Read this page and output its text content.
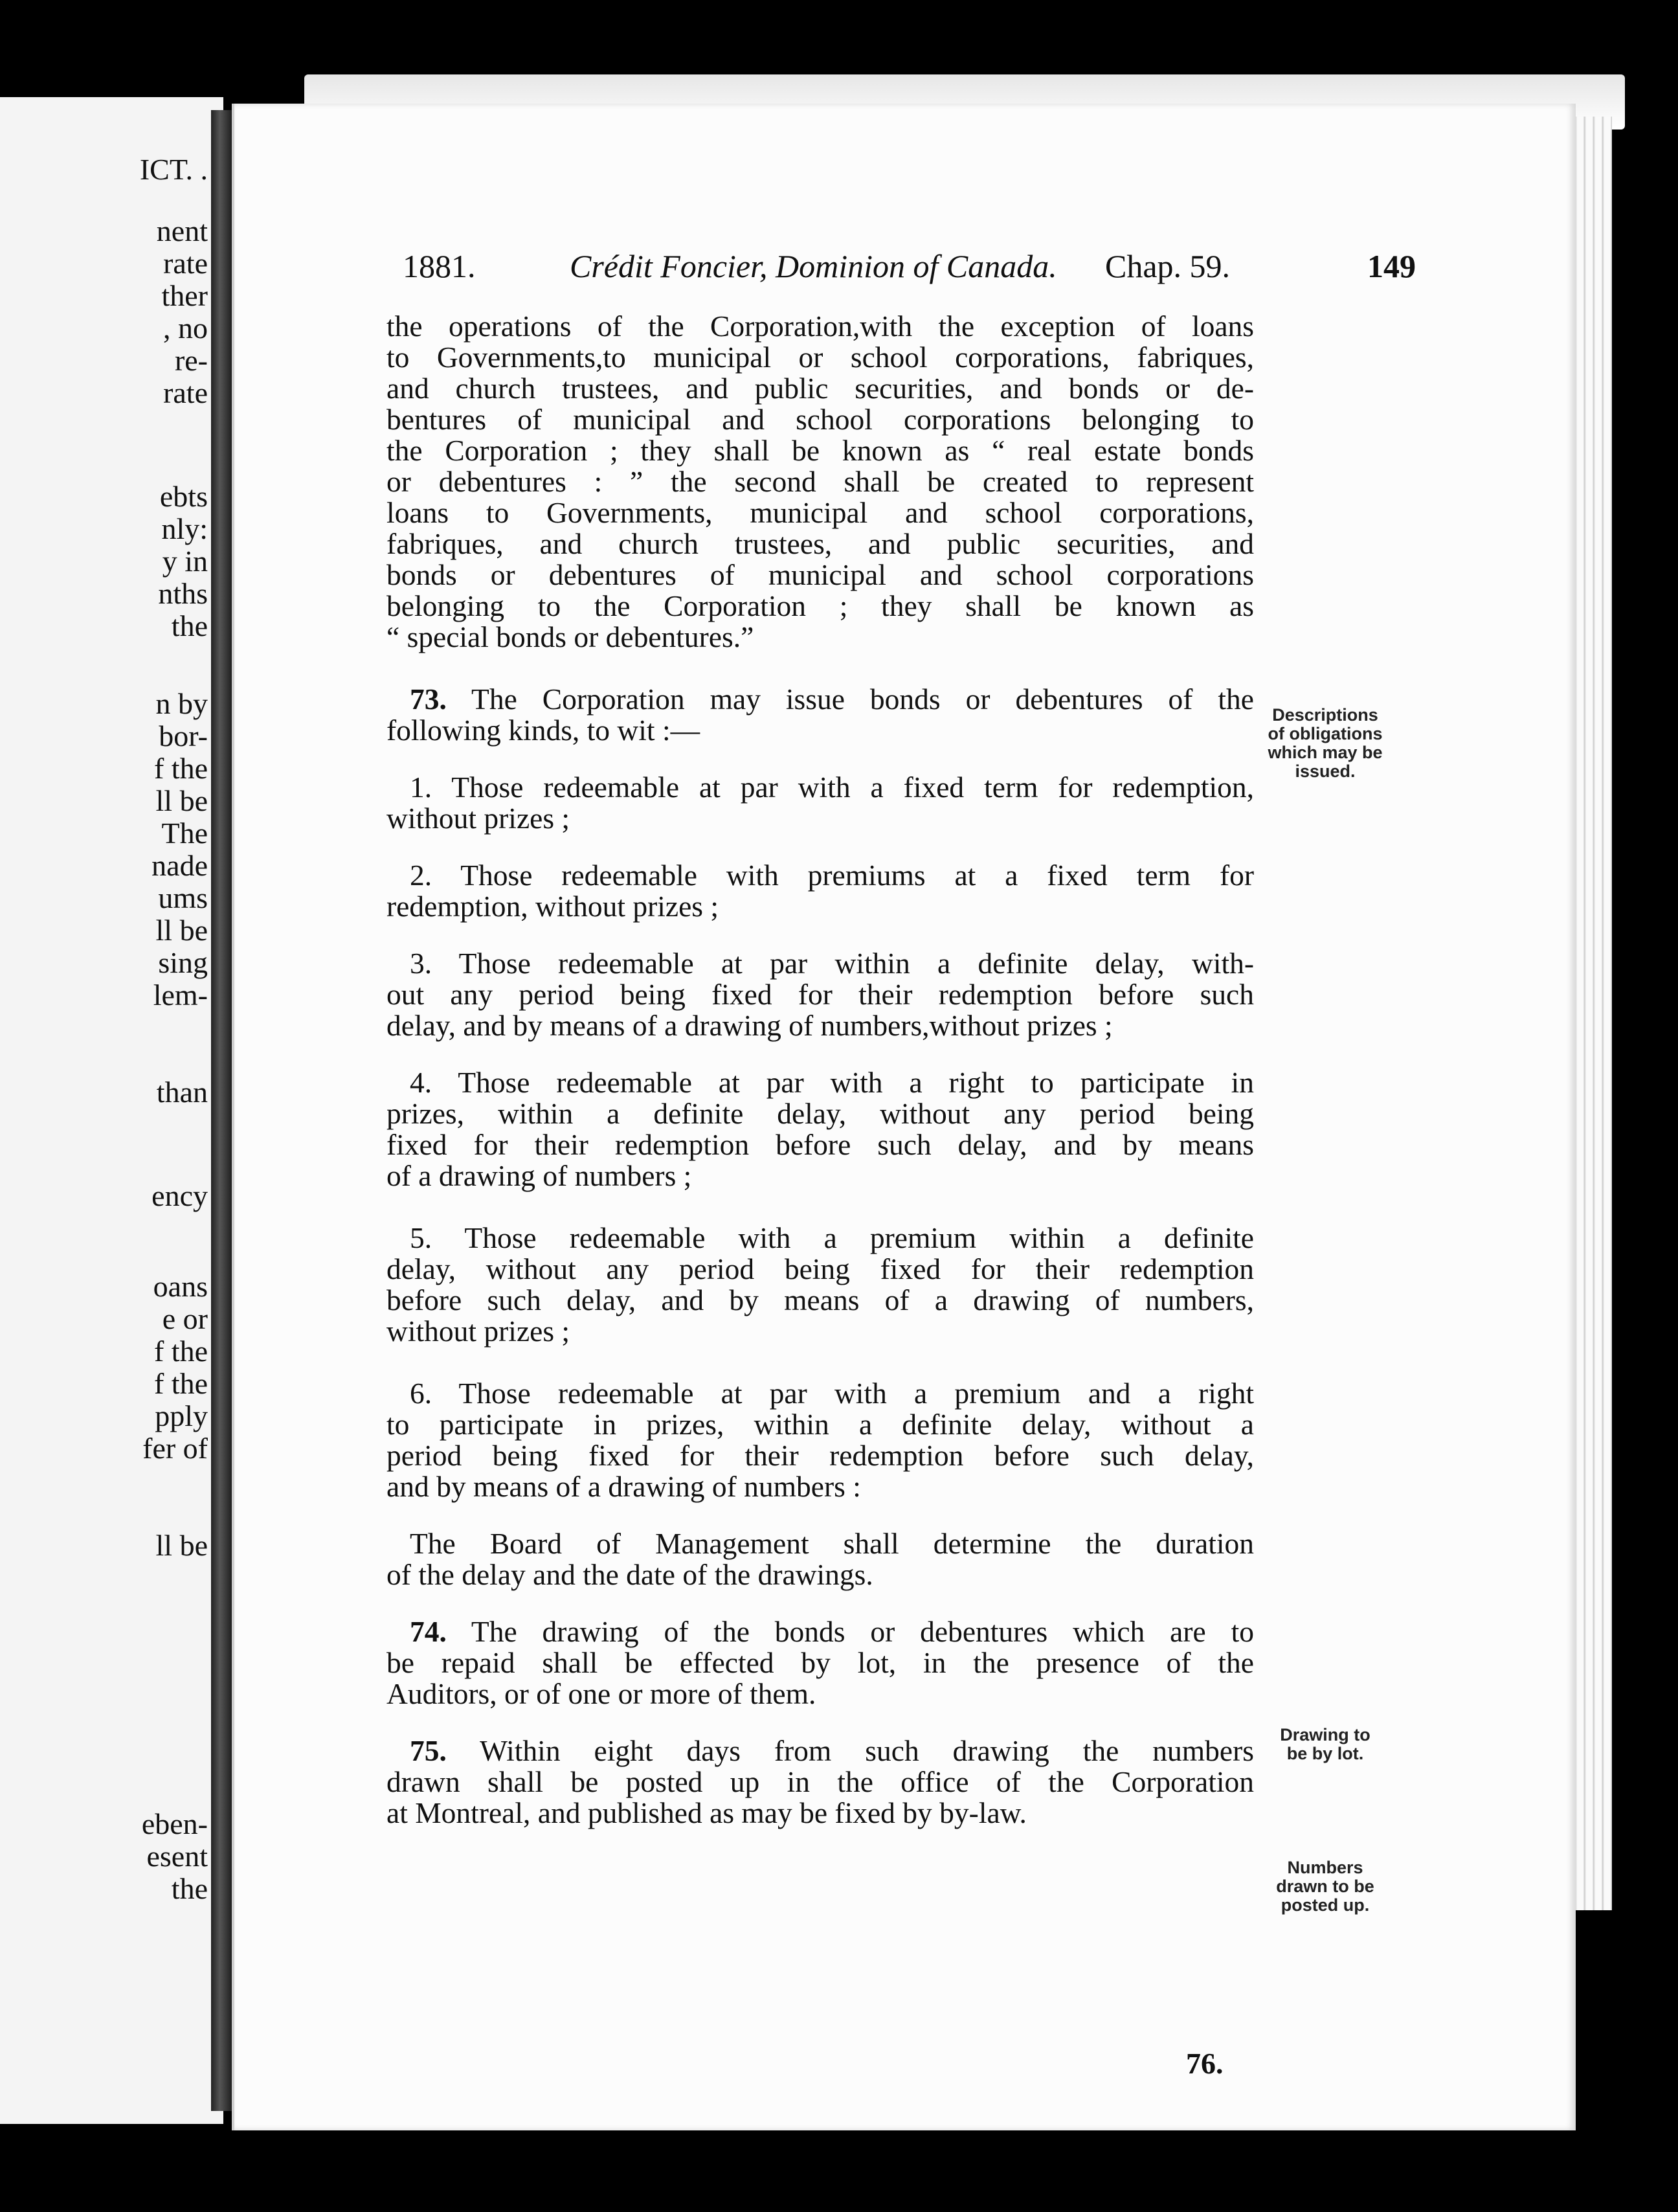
ICT. .
nent
rate
ther
, no
re-
rate
ebts
nly:
y in
nths
the
n by
bor-
f the
ll be
The
nade
ums
ll be
sing
lem-
than
ency
oans
e or
f the
f the
pply
fer of
ll be
eben-
esent
the
1881.	Crédit Foncier, Dominion of Canada. Chap. 59.	149
the operations of the Corporation,with the exception of loans
to Governments,to municipal or school corporations, fabriques,
and church trustees, and public securities, and bonds or de-
bentures of municipal and school corporations belonging to
the Corporation ; they shall be known as “ real estate bonds
or debentures : ” the second shall be created to represent
loans to Governments, municipal and school corporations,
fabriques, and church trustees, and public securities, and
bonds or debentures of municipal and school corporations
belonging to the Corporation ; they shall be known as
“ special bonds or debentures.”
73. The Corporation may issue bonds or debentures of the
following kinds, to wit :—
1. Those redeemable at par with a fixed term for redemption,
without prizes ;
2. Those redeemable with premiums at a fixed term for
redemption, without prizes ;
3. Those redeemable at par within a definite delay, with-
out any period being fixed for their redemption before such
delay, and by means of a drawing of numbers,without prizes ;
4. Those redeemable at par with a right to participate in
prizes, within a definite delay, without any period being
fixed for their redemption before such delay, and by means
of a drawing of numbers ;
5. Those redeemable with a premium within a definite
delay, without any period being fixed for their redemption
before such delay, and by means of a drawing of numbers,
without prizes ;
6. Those redeemable at par with a premium and a right
to participate in prizes, within a definite delay, without a
period being fixed for their redemption before such delay,
and by means of a drawing of numbers :
The Board of Management shall determine the duration
of the delay and the date of the drawings.
74. The drawing of the bonds or debentures which are to
be repaid shall be effected by lot, in the presence of the
Auditors, or of one or more of them.
75. Within eight days from such drawing the numbers
drawn shall be posted up in the office of the Corporation
at Montreal, and published as may be fixed by by-law.
Descriptions
of obligations
which may be
issued.
Drawing to
be by lot.
Numbers
drawn to be
posted up.
76.
